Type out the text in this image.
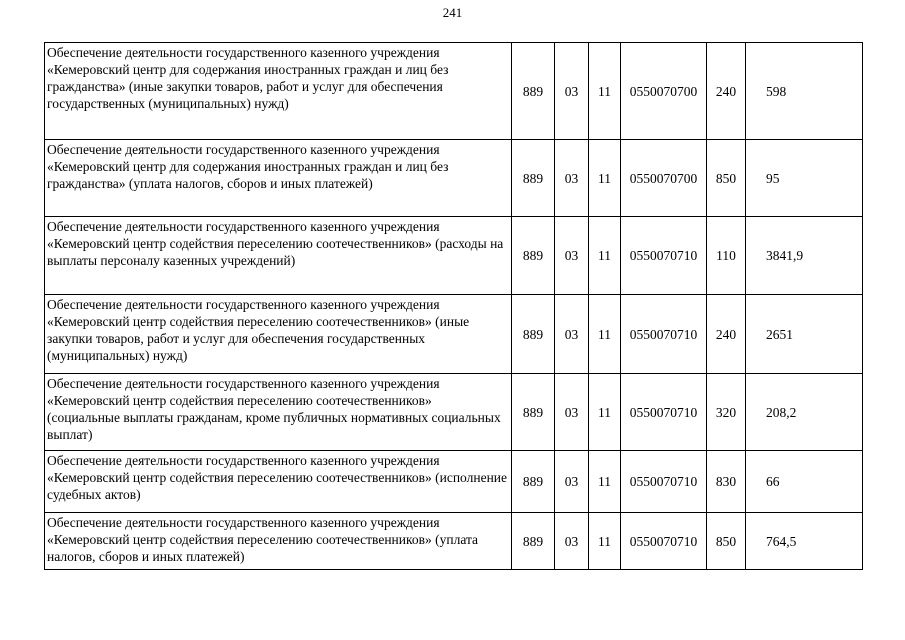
241
Обеспечение деятельности государственного казенного учреждения «Кемеровский центр для содержания иностранных граждан и лиц без гражданства» (иные закупки товаров, работ и услуг для обеспечения государственных (муниципальных) нужд)	889	03	11	0550070700	240	598
Обеспечение деятельности государственного казенного учреждения «Кемеровский центр для содержания иностранных граждан и лиц без гражданства» (уплата налогов, сборов и иных платежей)	889	03	11	0550070700	850	95
Обеспечение деятельности государственного казенного учреждения «Кемеровский центр содействия переселению соотечественников» (расходы на выплаты персоналу казенных учреждений)	889	03	11	0550070710	110	3841,9
Обеспечение деятельности государственного казенного учреждения «Кемеровский центр содействия переселению соотечественников» (иные закупки товаров, работ и услуг для обеспечения государственных (муниципальных) нужд)	889	03	11	0550070710	240	2651
Обеспечение деятельности государственного казенного учреждения «Кемеровский центр содействия переселению соотечественников» (социальные выплаты гражданам, кроме публичных нормативных социальных выплат)	889	03	11	0550070710	320	208,2
Обеспечение деятельности государственного казенного учреждения «Кемеровский центр содействия переселению соотечественников» (исполнение судебных актов)	889	03	11	0550070710	830	66
Обеспечение деятельности государственного казенного учреждения «Кемеровский центр содействия переселению соотечественников» (уплата налогов, сборов и иных платежей)	889	03	11	0550070710	850	764,5
